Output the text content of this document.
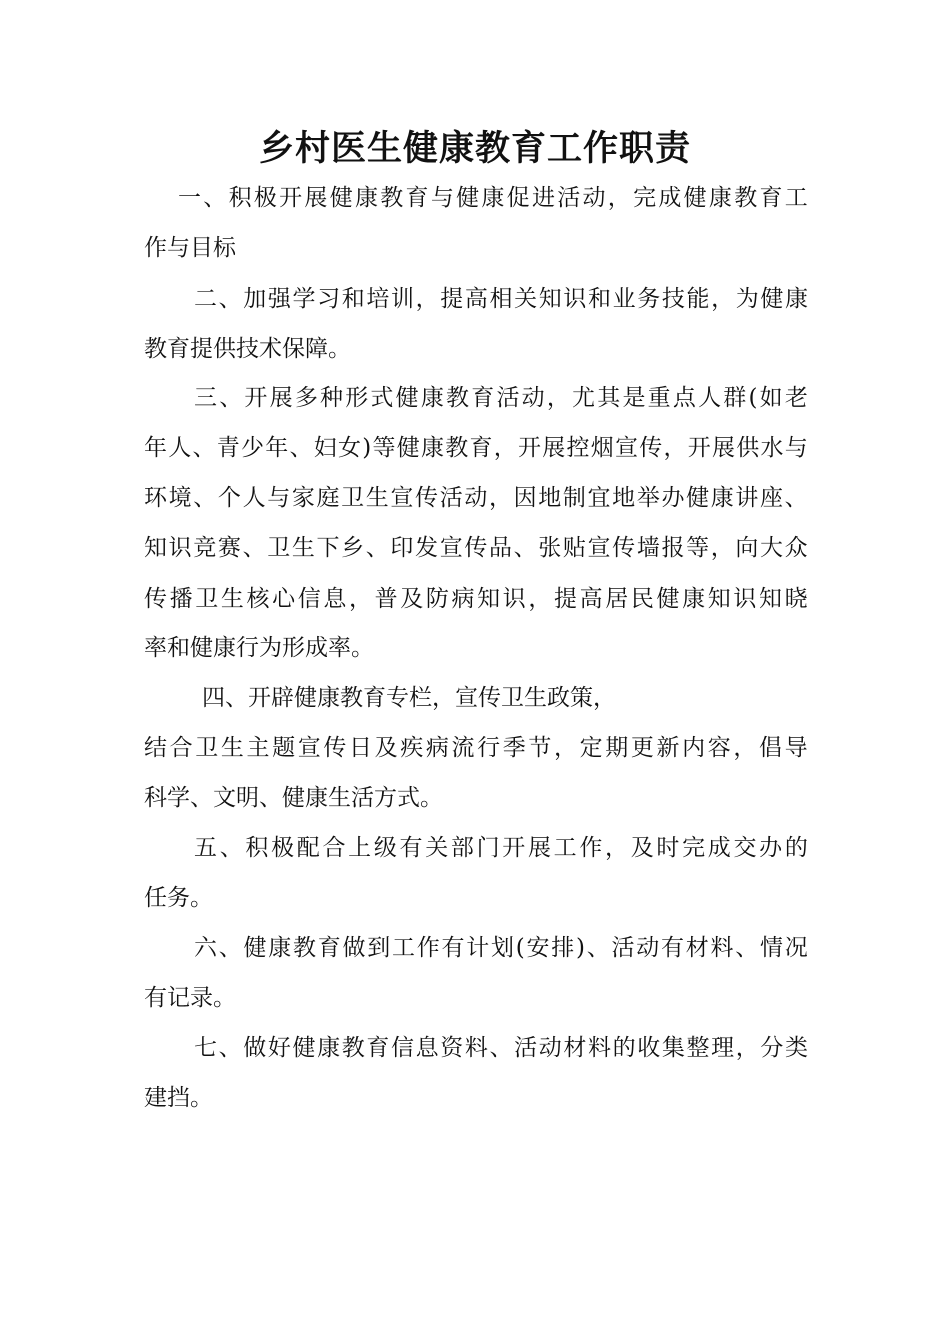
乡村医生健康教育工作职责
一 、 积 极 开 展 健 康 教 育 与 健 康 促 进 活 动 ， 完 成 健 康 教 育 工
作与目标
二 、 加 强 学 习 和 培 训 ， 提 高 相 关 知 识 和 业 务 技 能 ， 为 健 康
教育提供技术保障。
三 、 开 展 多 种 形 式 健 康 教 育 活 动 ， 尤 其 是 重 点 人 群 ( 如 老
年 人 、 青 少 年 、 妇 女 ) 等 健 康 教 育 ， 开 展 控 烟 宣 传 ， 开 展 供 水 与
环 境 、 个 人 与 家 庭 卫 生 宣 传 活 动 ， 因 地 制 宜 地 举 办 健 康 讲 座 、
知 识 竞 赛 、 卫 生 下 乡 、 印 发 宣 传 品 、 张 贴 宣 传 墙 报 等 ， 向 大 众
传 播 卫 生 核 心 信 息 ， 普 及 防 病 知 识 ， 提 高 居 民 健 康 知 识 知 晓
率和健康行为形成率。
四、开辟健康教育专栏，宣传卫生政策，
结 合 卫 生 主 题 宣 传 日 及 疾 病 流 行 季 节 ， 定 期 更 新 内 容 ， 倡 导
科学、文明、健康生活方式。
五 、 积 极 配 合 上 级 有 关 部 门 开 展 工 作 ， 及 时 完 成 交 办 的
任务。
六 、 健 康 教 育 做 到 工 作 有 计 划 ( 安 排 ) 、 活 动 有 材 料 、 情 况
有记录。
七 、 做 好 健 康 教 育 信 息 资 料 、 活 动 材 料 的 收 集 整 理 ， 分 类
建挡。
